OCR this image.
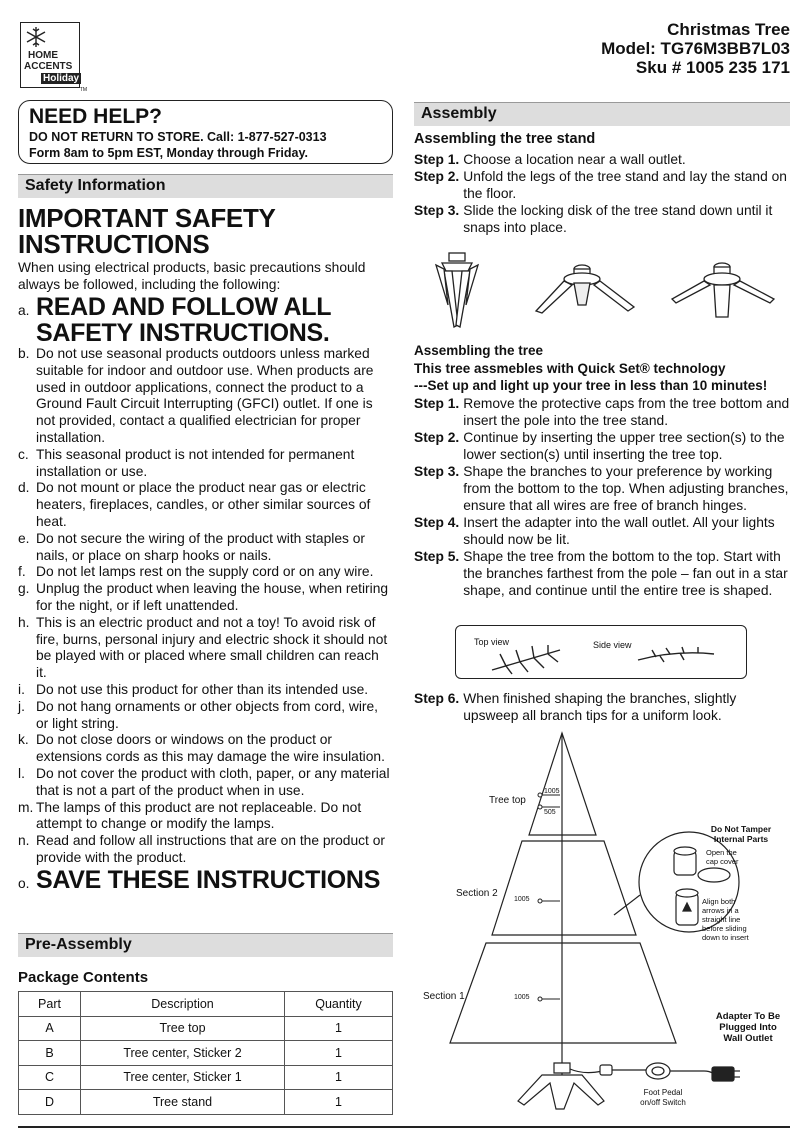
HOME
ACCENTS
Holiday
TM
Christmas Tree
Model: TG76M3BB7L03
Sku # 1005 235 171
NEED HELP?
DO NOT RETURN TO STORE. Call: 1-877-527-0313
Form 8am to 5pm EST, Monday through Friday.
Safety Information
IMPORTANT SAFETY
INSTRUCTIONS
When using electrical products, basic precautions should always be followed, including the following:
a. READ AND FOLLOW ALL SAFETY INSTRUCTIONS.
b. Do not use seasonal products outdoors unless marked suitable for indoor and outdoor use. When products are used in outdoor applications, connect the product to a Ground Fault Circuit Interrupting (GFCI) outlet. If one is not provided, contact a qualified electrician for proper installation.
c. This seasonal product is not intended for permanent installation or use.
d. Do not mount or place the product near gas or electric heaters, fireplaces, candles, or other similar sources of heat.
e. Do not secure the wiring of the product with staples or nails, or place on sharp hooks or nails.
f. Do not let lamps rest on the supply cord or on any wire.
g. Unplug the product when leaving the house, when retiring for the night, or if left unattended.
h. This is an electric product and not a toy! To avoid risk of fire, burns, personal injury and electric shock it should not be played with or placed where small children can reach it.
i. Do not use this product for other than its intended use.
j. Do not hang ornaments or other objects from cord, wire, or light string.
k. Do not close doors or windows on the product or extensions cords as this may damage the wire insulation.
l. Do not cover the product with cloth, paper, or any material that is not a part of the product when in use.
m. The lamps of this product are not replaceable. Do not attempt to change or modify the lamps.
n. Read and follow all instructions that are on the product or provide with the product.
o. SAVE THESE INSTRUCTIONS
Pre-Assembly
Package Contents
Part	Description	Quantity
A	Tree top	1
B	Tree center, Sticker 2	1
C	Tree center, Sticker 1	1
D	Tree stand	1
Assembly
Assembling the tree stand
Step 1. Choose a location near a wall outlet.
Step 2. Unfold the legs of the tree stand and lay the stand on the floor.
Step 3. Slide the locking disk of the tree stand down until it snaps into place.
Assembling the tree
This tree assmebles with Quick Set® technology
---Set up and light up your tree in less than 10 minutes!
Step 1. Remove the protective caps from the tree bottom and insert the pole into the tree stand.
Step 2. Continue by inserting the upper tree section(s) to the lower section(s) until inserting the tree top.
Step 3. Shape the branches to your preference by working from the bottom to the top. When adjusting branches, ensure that all wires are free of branch hinges.
Step 4. Insert the adapter into the wall outlet. All your lights should now be lit.
Step 5. Shape the tree from the bottom to the top. Start with the branches farthest from the pole – fan out in a star shape, and continue until the entire tree is shaped.
Top view	Side view
Step 6. When finished shaping the branches, slightly upsweep all branch tips for a uniform look.
Tree top
Section 2
Section 1
1005
505
1005
1005
Do Not Tamper Internal Parts
Open the cap cover
Align both arrows in a straight line before sliding down to insert
Adapter To Be Plugged Into Wall Outlet
Foot Pedal on/off Switch
